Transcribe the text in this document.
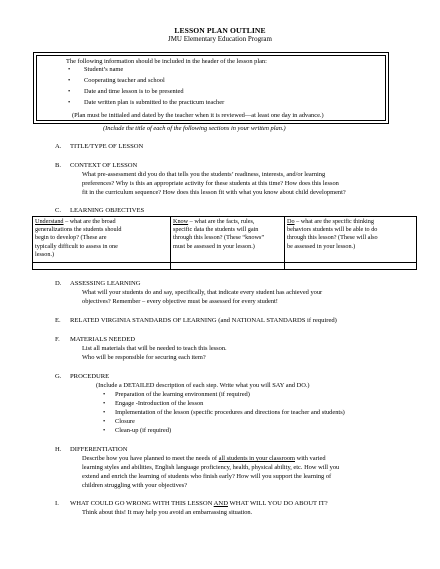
LESSON PLAN OUTLINE
JMU Elementary Education Program
The following information should be included in the header of the lesson plan:
• Student’s name
• Cooperating teacher and school
• Date and time lesson is to be presented
• Date written plan is submitted to the practicum teacher
(Plan must be initialed and dated by the teacher when it is reviewed—at least one day in advance.)
(Include the title of each of the following sections in your written plan.)
A. TITLE/TYPE OF LESSON
B. CONTEXT OF LESSON
What pre-assessment did you do that tells you the students’ readiness, interests, and/or learning
preferences? Why is this an appropriate activity for these students at this time? How does this lesson
fit in the curriculum sequence? How does this lesson fit with what you know about child development?
C. LEARNING OBJECTIVES
Understand – what are the broad
generalizations the students should
begin to develop? (These are
typically difficult to assess in one
lesson.)
Know – what are the facts, rules,
specific data the students will gain
through this lesson? (These “knows”
must be assessed in your lesson.)
Do – what are the specific thinking
behaviors students will be able to do
through this lesson? (These will also
be assessed in your lesson.)
D. ASSESSING LEARNING
What will your students do and say, specifically, that indicate every student has achieved your
objectives? Remember – every objective must be assessed for every student!
E. RELATED VIRGINIA STANDARDS OF LEARNING (and NATIONAL STANDARDS if required)
F. MATERIALS NEEDED
List all materials that will be needed to teach this lesson.
Who will be responsible for securing each item?
G. PROCEDURE
(Include a DETAILED description of each step. Write what you will SAY and DO.)
• Preparation of the learning environment (if required)
• Engage -Introduction of the lesson
• Implementation of the lesson (specific procedures and directions for teacher and students)
• Closure
• Clean-up (if required)
H. DIFFERENTIATION
Describe how you have planned to meet the needs of all students in your classroom with varied
learning styles and abilities, English language proficiency, health, physical ability, etc. How will you
extend and enrich the learning of students who finish early? How will you support the learning of
children struggling with your objectives?
I. WHAT COULD GO WRONG WITH THIS LESSON AND WHAT WILL YOU DO ABOUT IT?
Think about this! It may help you avoid an embarrassing situation.
